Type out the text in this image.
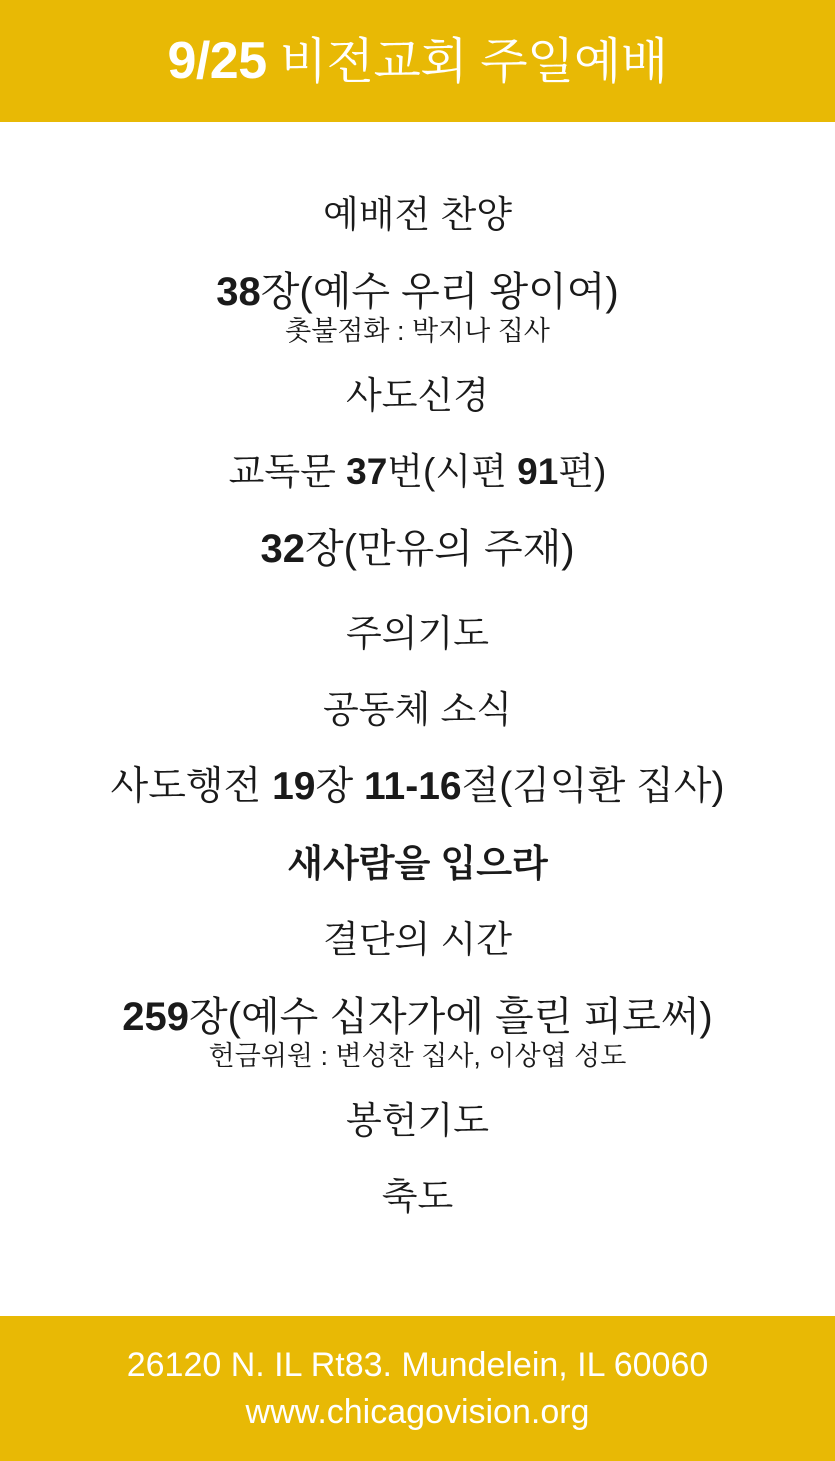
9/25 비전교회 주일예배
예배전 찬양
38장(예수 우리 왕이여)
촛불점화 : 박지나 집사
사도신경
교독문 37번(시편 91편)
32장(만유의 주재)
주의기도
공동체 소식
사도행전 19장 11-16절(김익환 집사)
새사람을 입으라
결단의 시간
259장(예수 십자가에 흘린 피로써)
헌금위원 : 변성찬 집사, 이상엽 성도
봉헌기도
축도
26120 N. IL Rt83. Mundelein, IL 60060
www.chicagovision.org
